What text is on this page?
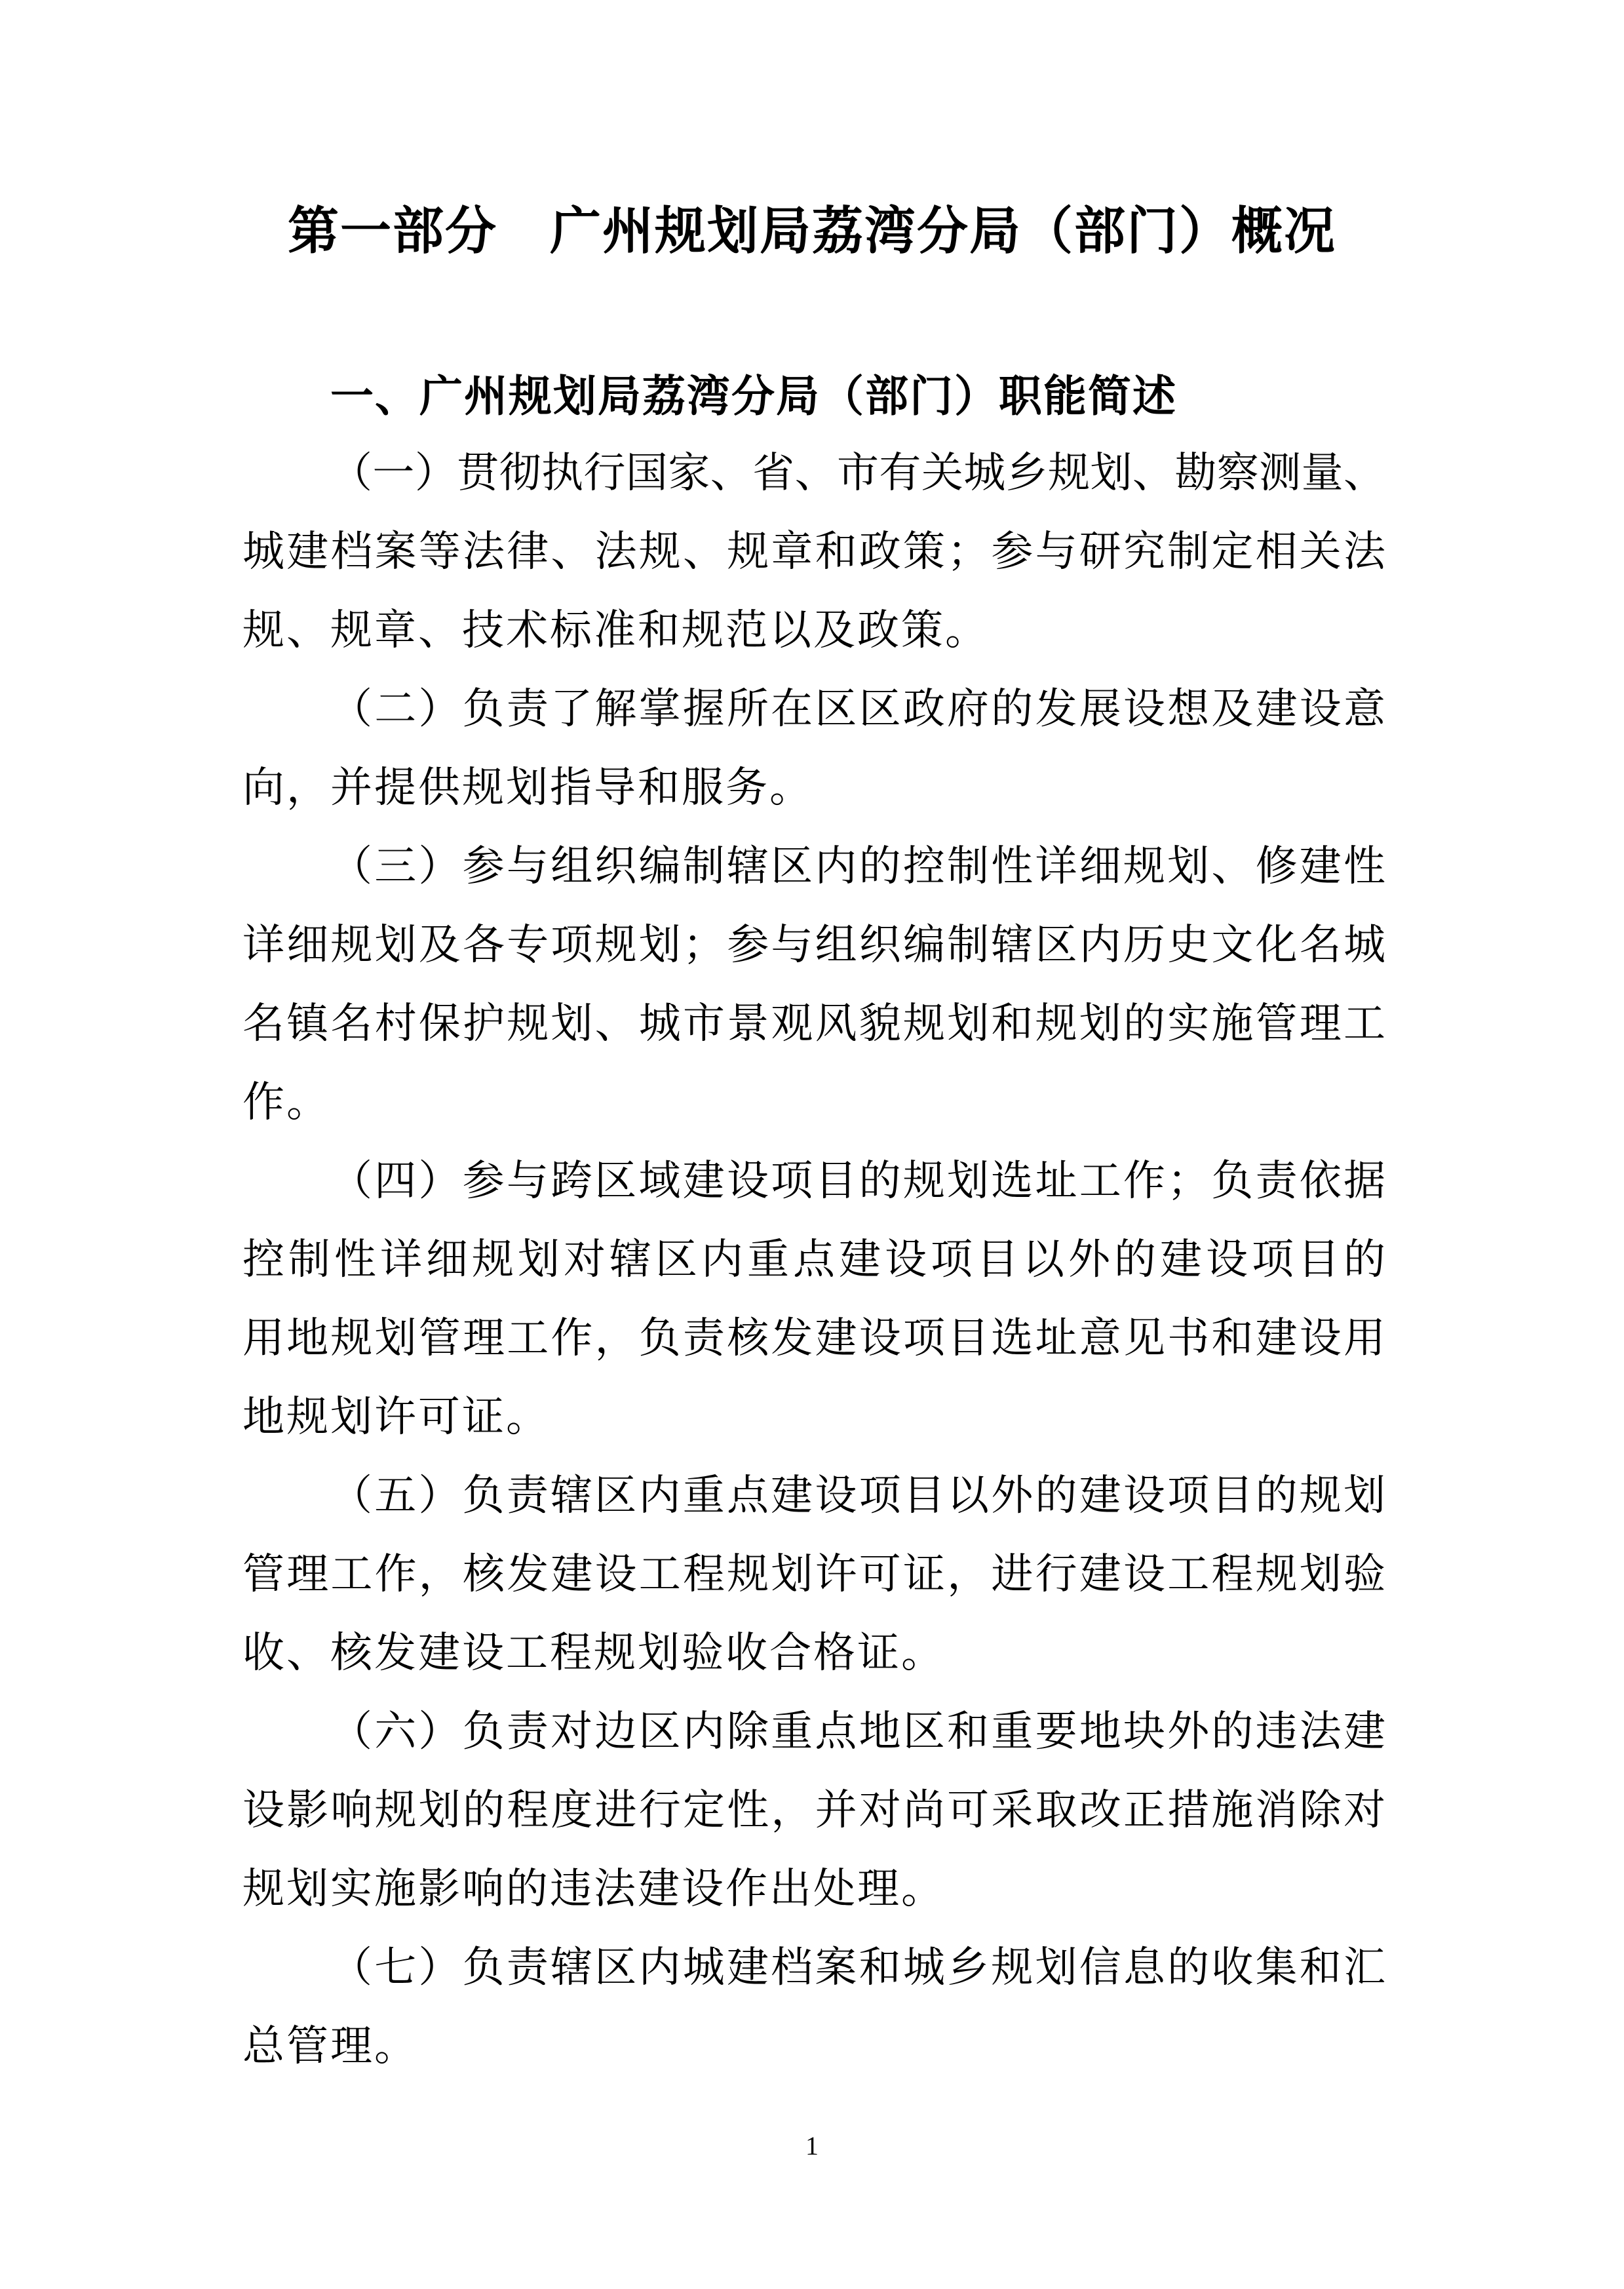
第一部分　广州规划局荔湾分局（部门）概况
一、广州规划局荔湾分局（部门）职能简述
（一）贯彻执行国家、省、市有关城乡规划、勘察测量、
城建档案等法律、法规、规章和政策；参与研究制定相关法
规、规章、技术标准和规范以及政策。
（二）负责了解掌握所在区区政府的发展设想及建设意
向，并提供规划指导和服务。
（三）参与组织编制辖区内的控制性详细规划、修建性
详细规划及各专项规划；参与组织编制辖区内历史文化名城
名镇名村保护规划、城市景观风貌规划和规划的实施管理工
作。
（四）参与跨区域建设项目的规划选址工作；负责依据
控制性详细规划对辖区内重点建设项目以外的建设项目的
用地规划管理工作，负责核发建设项目选址意见书和建设用
地规划许可证。
（五）负责辖区内重点建设项目以外的建设项目的规划
管理工作，核发建设工程规划许可证，进行建设工程规划验
收、核发建设工程规划验收合格证。
（六）负责对边区内除重点地区和重要地块外的违法建
设影响规划的程度进行定性，并对尚可采取改正措施消除对
规划实施影响的违法建设作出处理。
（七）负责辖区内城建档案和城乡规划信息的收集和汇
总管理。
1
